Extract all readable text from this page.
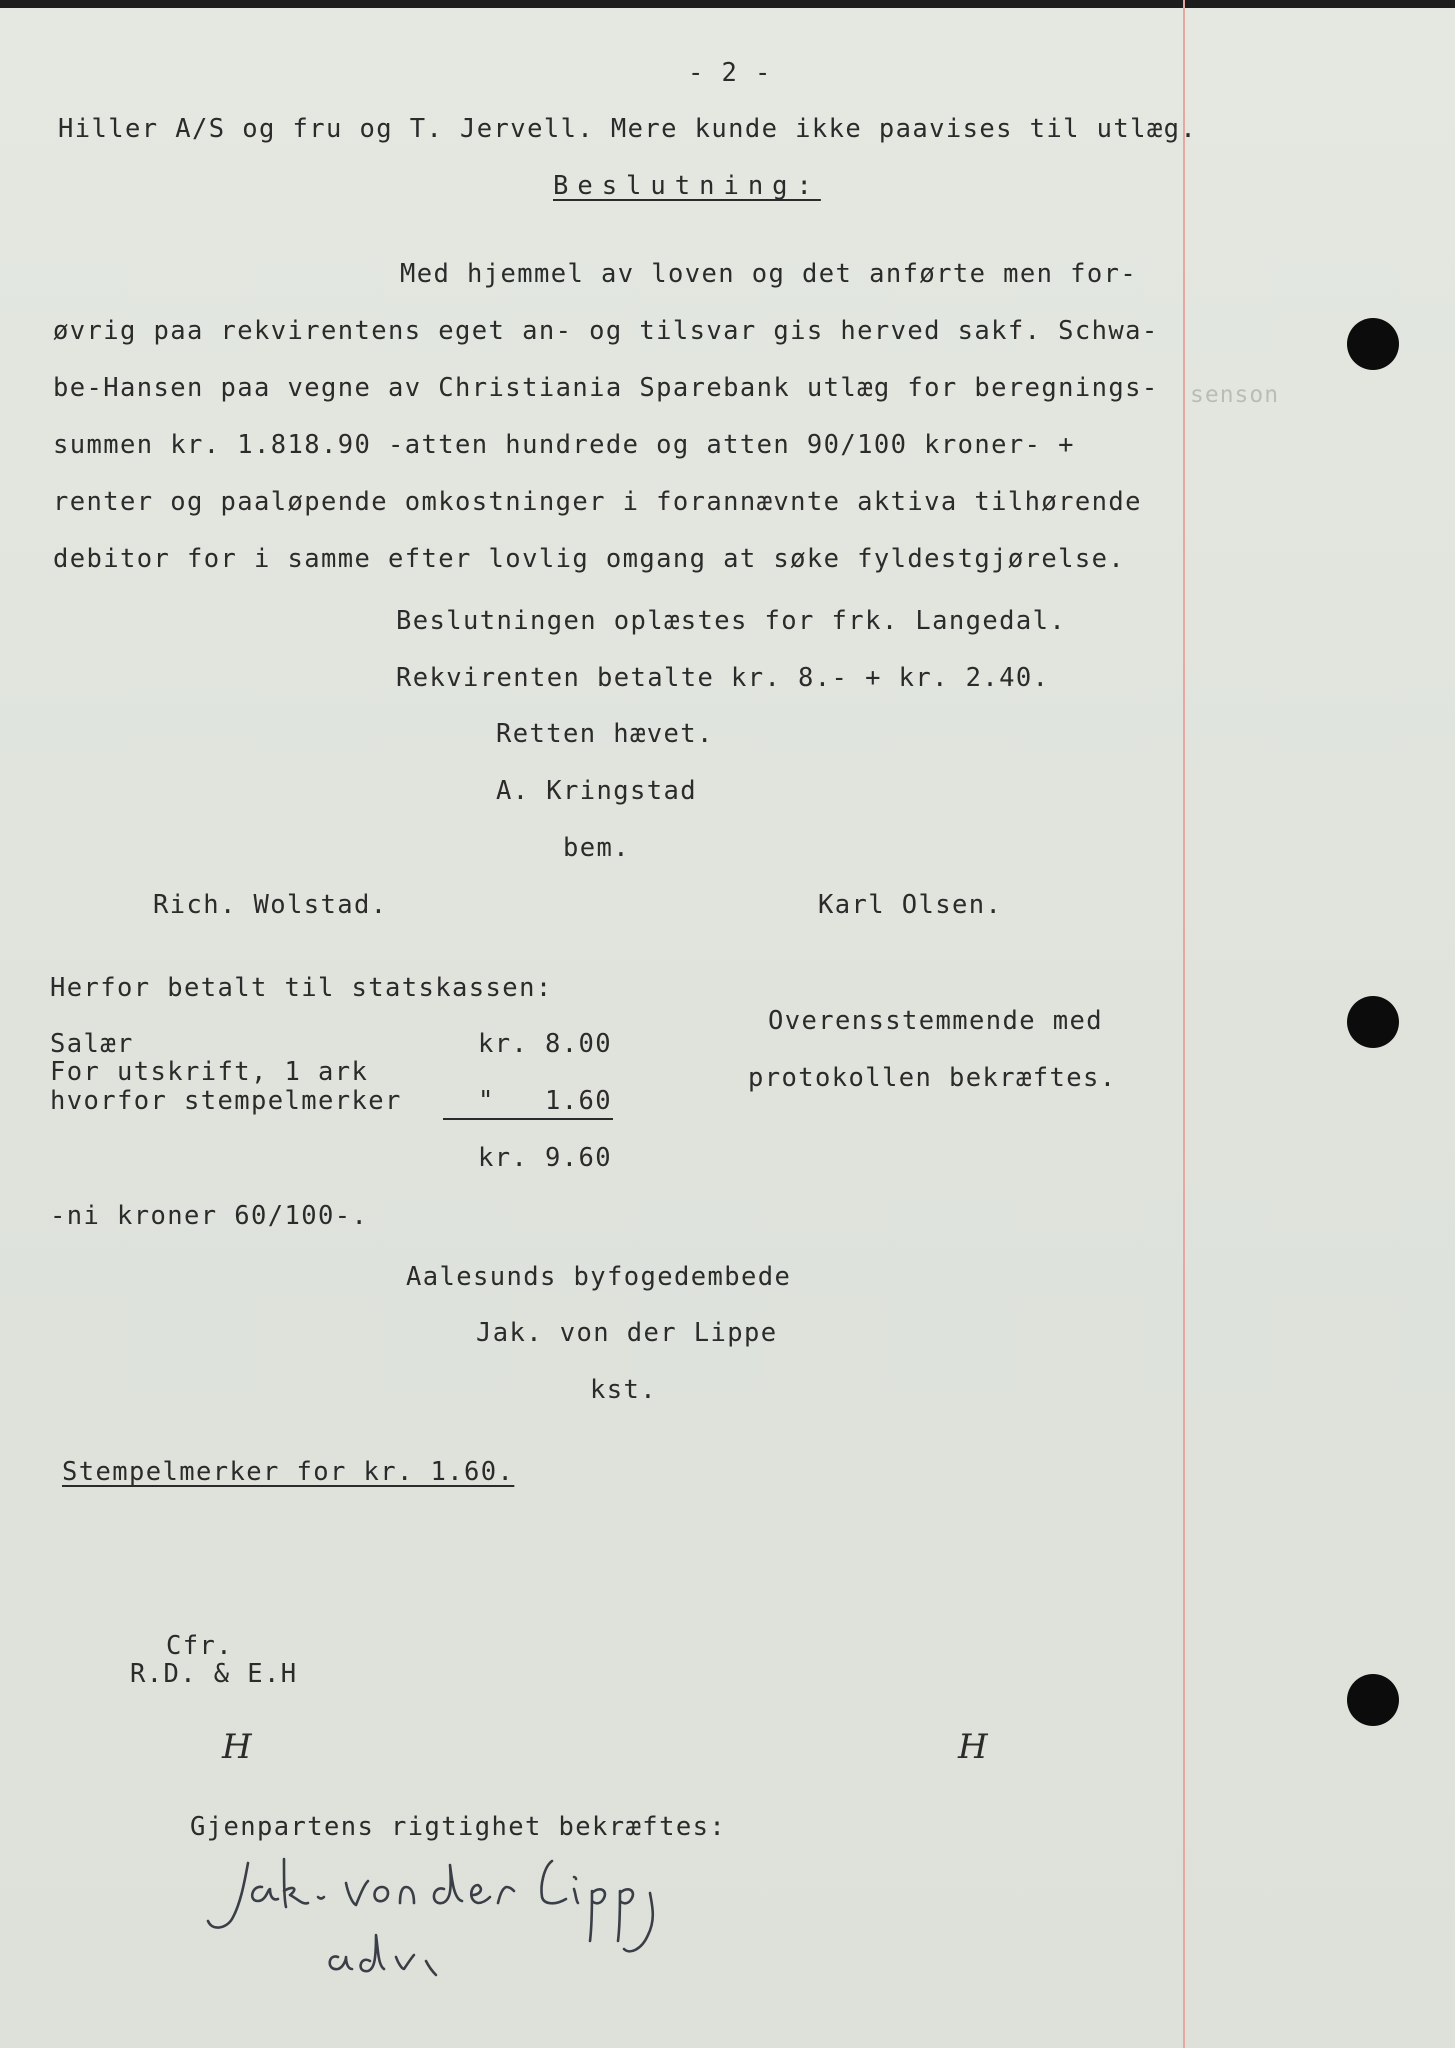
senson
- 2 -
Hiller A/S og fru og T. Jervell. Mere kunde ikke paavises til utlæg.
Beslutning:
Med hjemmel av loven og det anførte men for-
øvrig paa rekvirentens eget an- og tilsvar gis herved sakf. Schwa-
be-Hansen paa vegne av Christiania Sparebank utlæg for beregnings-
summen kr. 1.818.90 -atten hundrede og atten 90/100 kroner- +
renter og paaløpende omkostninger i forannævnte aktiva tilhørende
debitor for i samme efter lovlig omgang at søke fyldestgjørelse.
Beslutningen oplæstes for frk. Langedal.
Rekvirenten betalte kr. 8.- + kr. 2.40.
Retten hævet.
A. Kringstad
bem.
Rich. Wolstad.	Karl Olsen.
Herfor betalt til statskassen:
Salær	kr. 8.00
For utskrift, 1 ark
hvorfor stempelmerker	"   1.60
kr. 9.60
-ni kroner 60/100-.
Overensstemmende med
protokollen bekræftes.
Aalesunds byfogedembede
Jak. von der Lippe
kst.
Stempelmerker for kr. 1.60.
Cfr.
R.D. & E.H
H	H
Gjenpartens rigtighet bekræftes:
